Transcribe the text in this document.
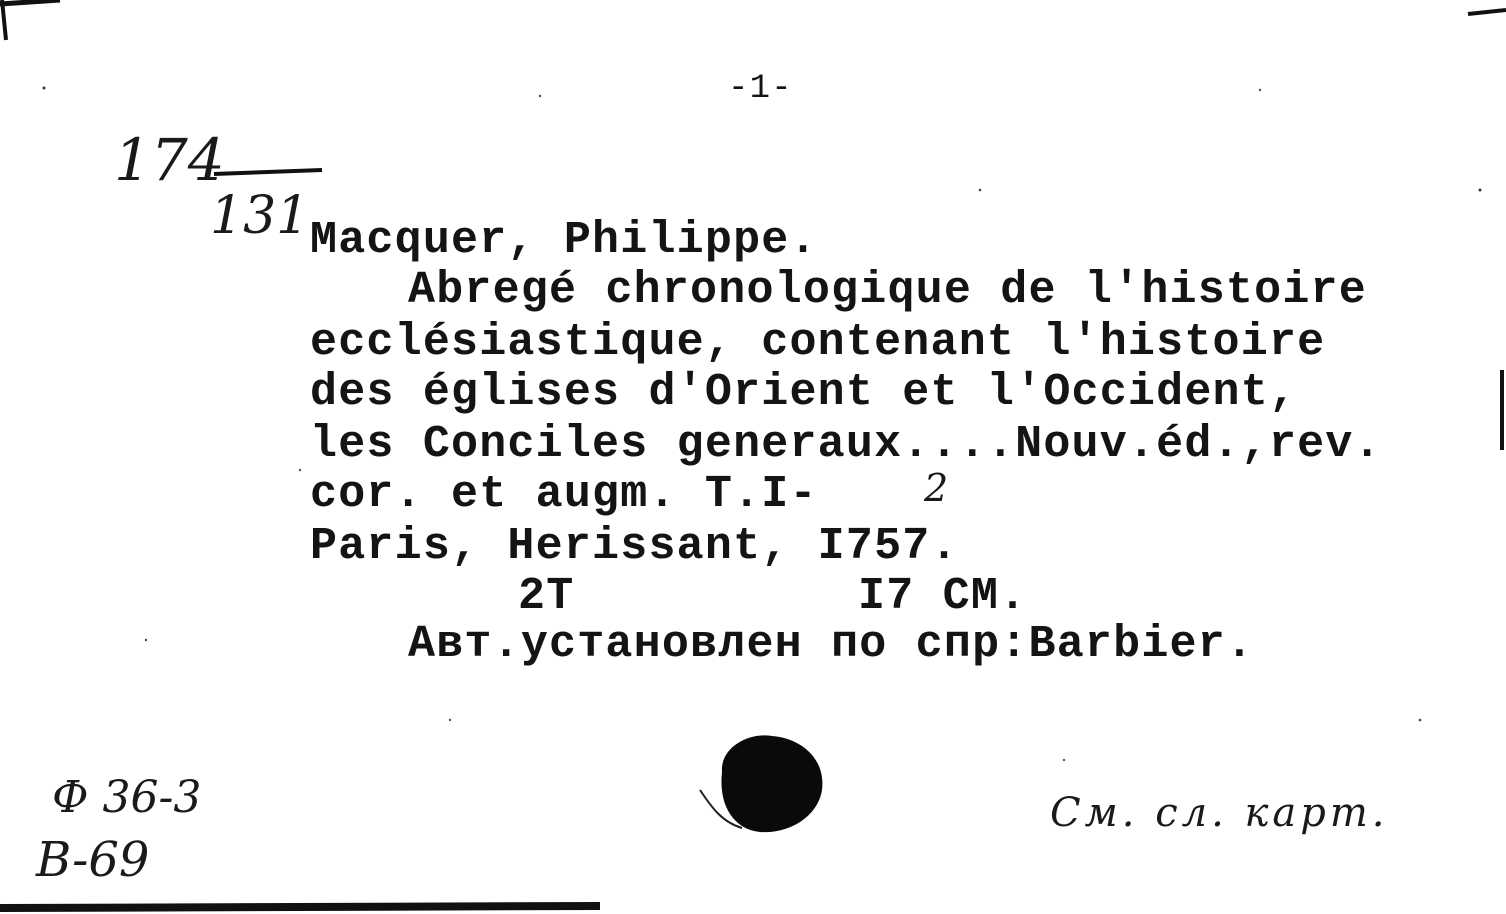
-1-
174
131 Macquer, Philippe.
Abregé chronologique de l'histoire
ecclésiastique, contenant l'histoire
des églises d'Orient et l'Occident,
les Conciles generaux....Nouv.éd.,rev.
cor. et augm. T.I-	2
Paris, Herissant, I757.
2T	I7 CM.
Авт.установлен по спр:Barbier.
Ф 36-3
B-69
См. сл. карт.
